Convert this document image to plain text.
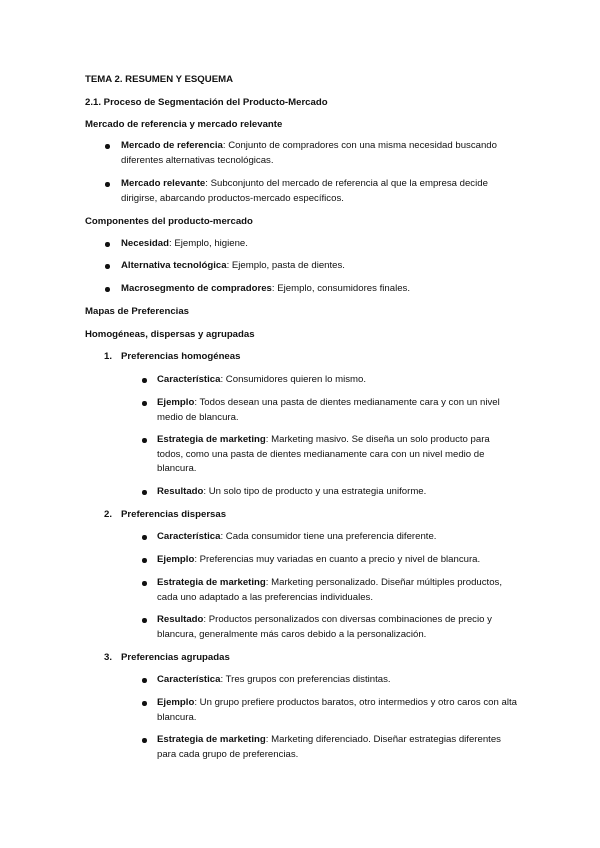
TEMA 2. RESUMEN Y ESQUEMA
2.1. Proceso de Segmentación del Producto-Mercado
Mercado de referencia y mercado relevante
Mercado de referencia: Conjunto de compradores con una misma necesidad buscando diferentes alternativas tecnológicas.
Mercado relevante: Subconjunto del mercado de referencia al que la empresa decide dirigirse, abarcando productos-mercado específicos.
Componentes del producto-mercado
Necesidad: Ejemplo, higiene.
Alternativa tecnológica: Ejemplo, pasta de dientes.
Macrosegmento de compradores: Ejemplo, consumidores finales.
Mapas de Preferencias
Homogéneas, dispersas y agrupadas
1. Preferencias homogéneas
Característica: Consumidores quieren lo mismo.
Ejemplo: Todos desean una pasta de dientes medianamente cara y con un nivel medio de blancura.
Estrategia de marketing: Marketing masivo. Se diseña un solo producto para todos, como una pasta de dientes medianamente cara con un nivel medio de blancura.
Resultado: Un solo tipo de producto y una estrategia uniforme.
2. Preferencias dispersas
Característica: Cada consumidor tiene una preferencia diferente.
Ejemplo: Preferencias muy variadas en cuanto a precio y nivel de blancura.
Estrategia de marketing: Marketing personalizado. Diseñar múltiples productos, cada uno adaptado a las preferencias individuales.
Resultado: Productos personalizados con diversas combinaciones de precio y blancura, generalmente más caros debido a la personalización.
3. Preferencias agrupadas
Característica: Tres grupos con preferencias distintas.
Ejemplo: Un grupo prefiere productos baratos, otro intermedios y otro caros con alta blancura.
Estrategia de marketing: Marketing diferenciado. Diseñar estrategias diferentes para cada grupo de preferencias.
